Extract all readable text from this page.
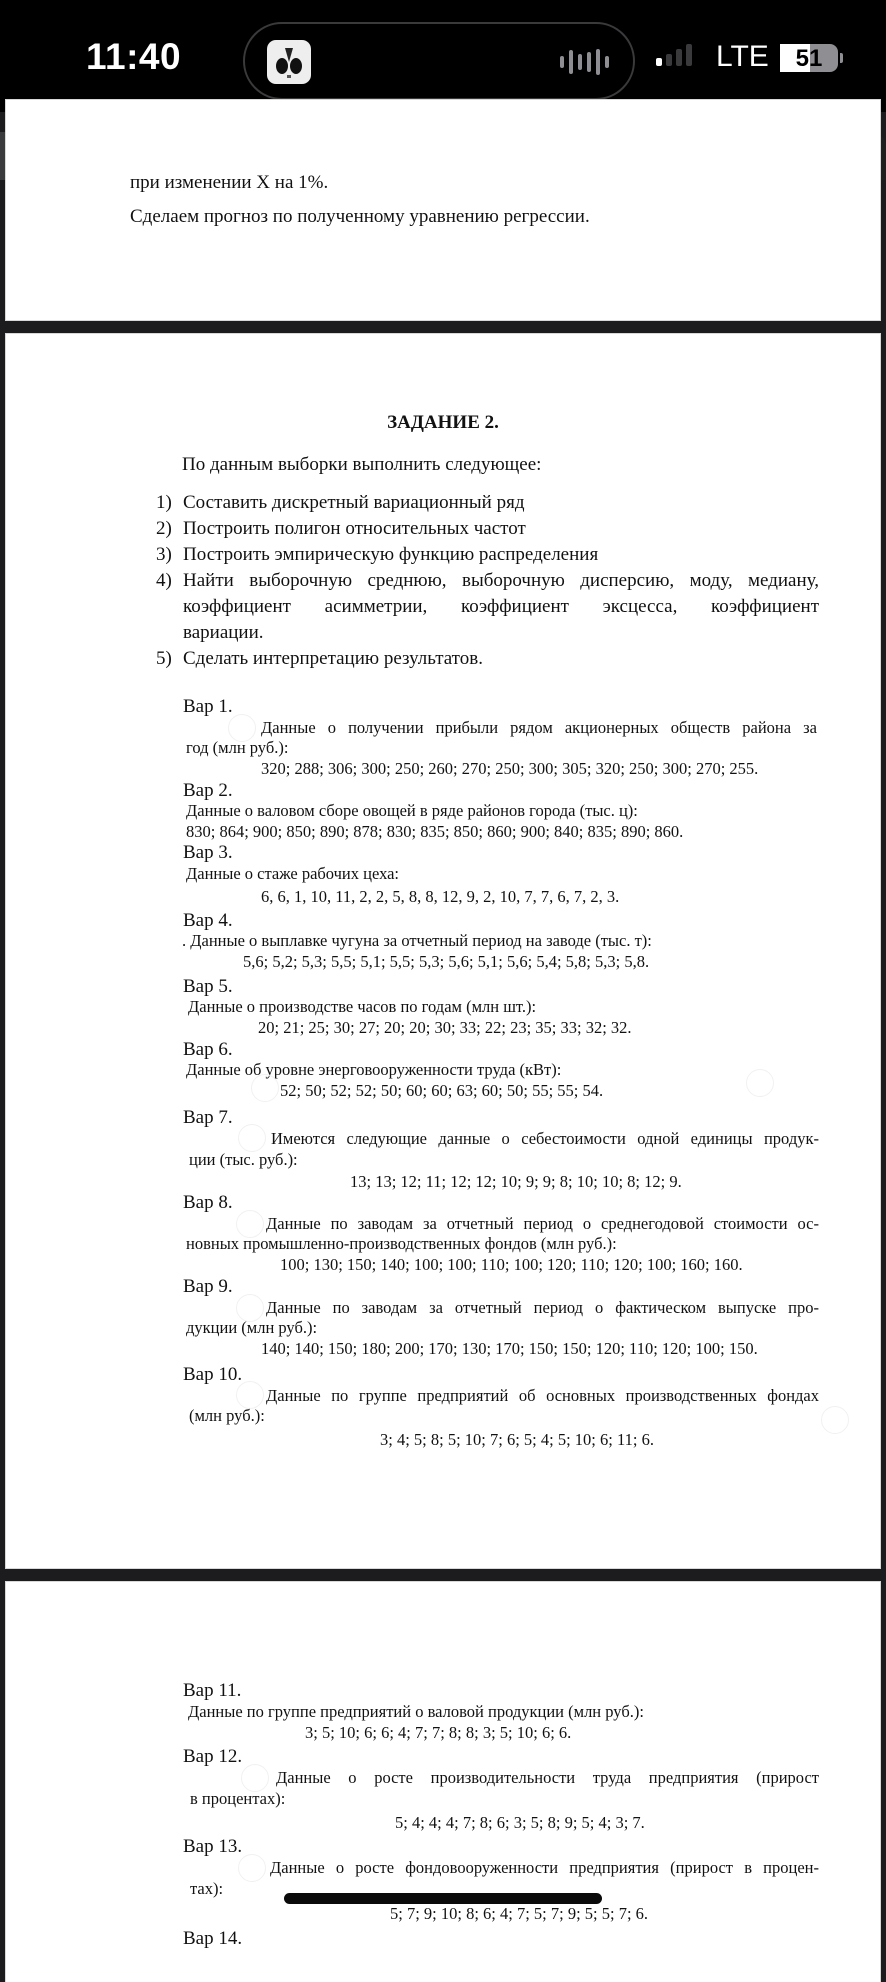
11:40	LTE	51
при изменении X на 1%.
Сделаем прогноз по полученному уравнению регрессии.
ЗАДАНИЕ 2.
По данным выборки выполнить следующее:
1) Составить дискретный вариационный ряд
2) Построить полигон относительных частот
3) Построить эмпирическую функцию распределения
4) Найти выборочную среднюю, выборочную дисперсию, моду, медиану,
коэффициент асимметрии, коэффициент эксцесса, коэффициент
вариации.
5) Сделать интерпретацию результатов.
Вар 1.
Данные о получении прибыли рядом акционерных обществ района за
год (млн руб.):
320; 288; 306; 300; 250; 260; 270; 250; 300; 305; 320; 250; 300; 270; 255.
Вар 2.
Данные о валовом сборе овощей в ряде районов города (тыс. ц):
830; 864; 900; 850; 890; 878; 830; 835; 850; 860; 900; 840; 835; 890; 860.
Вар 3.
Данные о стаже рабочих цеха:
6, 6, 1, 10, 11, 2, 2, 5, 8, 8, 12, 9, 2, 10, 7, 7, 6, 7, 2, 3.
Вар 4.
. Данные о выплавке чугуна за отчетный период на заводе (тыс. т):
5,6; 5,2; 5,3; 5,5; 5,1; 5,5; 5,3; 5,6; 5,1; 5,6; 5,4; 5,8; 5,3; 5,8.
Вар 5.
Данные о производстве часов по годам (млн шт.):
20; 21; 25; 30; 27; 20; 20; 30; 33; 22; 23; 35; 33; 32; 32.
Вар 6.
Данные об уровне энерговооруженности труда (кВт):
52; 50; 52; 52; 50; 60; 60; 63; 60; 50; 55; 55; 54.
Вар 7.
Имеются следующие данные о себестоимости одной единицы продук-
ции (тыс. руб.):
13; 13; 12; 11; 12; 12; 10; 9; 9; 8; 10; 10; 8; 12; 9.
Вар 8.
Данные по заводам за отчетный период о среднегодовой стоимости ос-
новных промышленно-производственных фондов (млн руб.):
100; 130; 150; 140; 100; 100; 110; 100; 120; 110; 120; 100; 160; 160.
Вар 9.
Данные по заводам за отчетный период о фактическом выпуске про-
дукции (млн руб.):
140; 140; 150; 180; 200; 170; 130; 170; 150; 150; 120; 110; 120; 100; 150.
Вар 10.
Данные по группе предприятий об основных производственных фондах
(млн руб.):
3; 4; 5; 8; 5; 10; 7; 6; 5; 4; 5; 10; 6; 11; 6.
Вар 11.
Данные по группе предприятий о валовой продукции (млн руб.):
3; 5; 10; 6; 6; 4; 7; 7; 8; 8; 3; 5; 10; 6; 6.
Вар 12.
Данные о росте производительности труда предприятия (прирост
в процентах):
5; 4; 4; 4; 7; 8; 6; 3; 5; 8; 9; 5; 4; 3; 7.
Вар 13.
Данные о росте фондовооруженности предприятия (прирост в процен-
тах):
5; 7; 9; 10; 8; 6; 4; 7; 5; 7; 9; 5; 5; 7; 6.
Вар 14.
